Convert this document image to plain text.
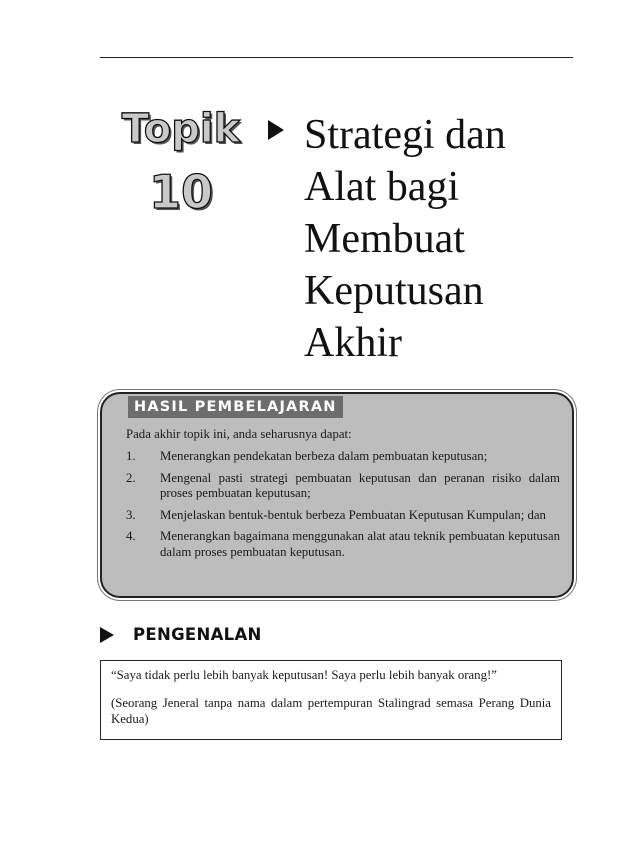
Topik
10
Strategi dan
Alat bagi
Membuat
Keputusan
Akhir
HASIL PEMBELAJARAN
Pada akhir topik ini, anda seharusnya dapat:
1. Menerangkan pendekatan berbeza dalam pembuatan keputusan;
2. Mengenal pasti strategi pembuatan keputusan dan peranan risiko dalam proses pembuatan keputusan;
3. Menjelaskan bentuk-bentuk berbeza Pembuatan Keputusan Kumpulan; dan
4. Menerangkan bagaimana menggunakan alat atau teknik pembuatan keputusan dalam proses pembuatan keputusan.
PENGENALAN

“Saya tidak perlu lebih banyak keputusan! Saya perlu lebih banyak orang!”

(Seorang Jeneral tanpa nama dalam pertempuran Stalingrad semasa Perang Dunia Kedua)
